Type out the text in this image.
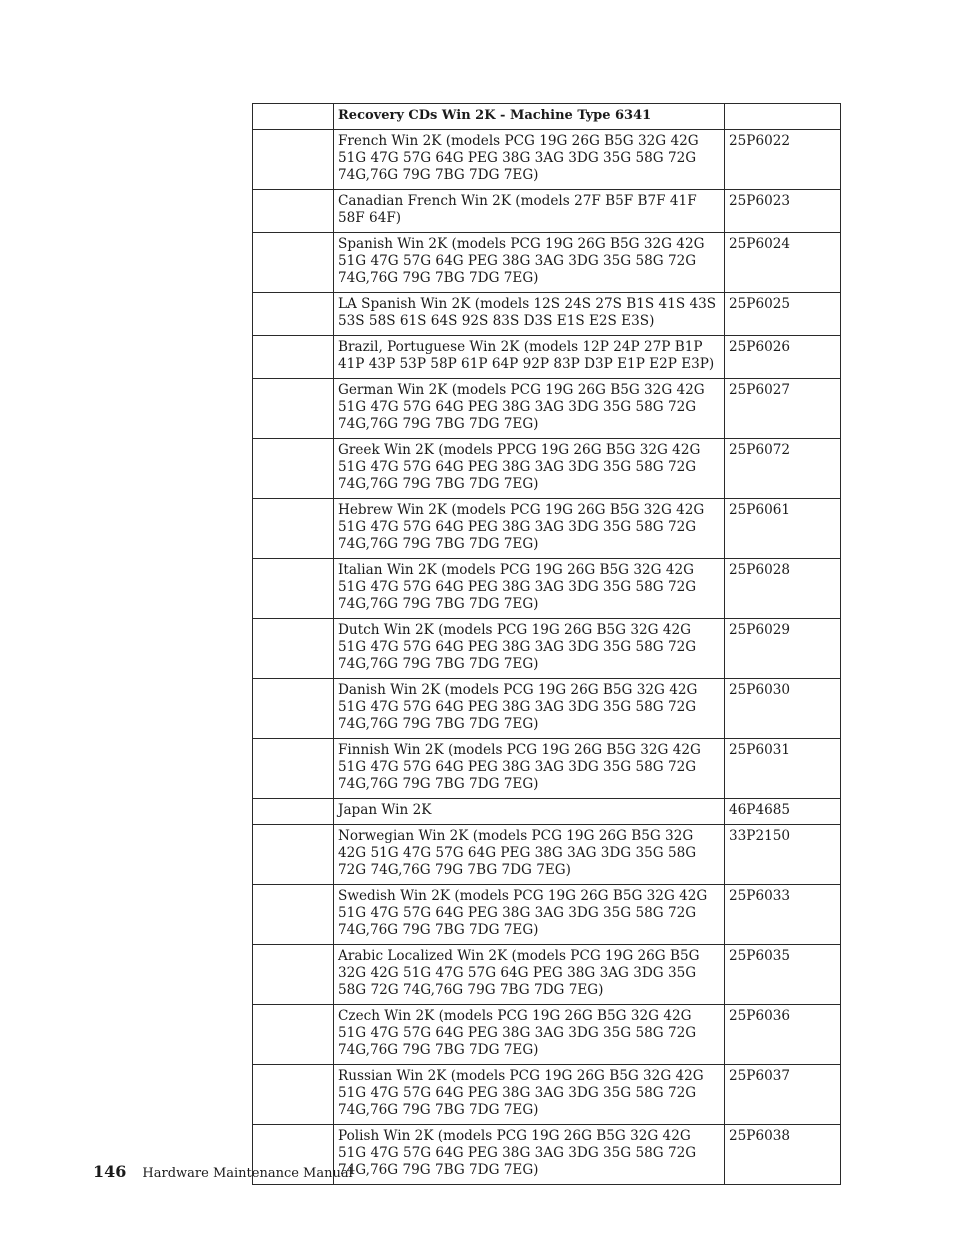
	Recovery CDs Win 2K - Machine Type 6341	
	French Win 2K (models PCG 19G 26G B5G 32G 42G 51G 47G 57G 64G PEG 38G 3AG 3DG 35G 58G 72G 74G,76G 79G 7BG 7DG 7EG)	25P6022
	Canadian French Win 2K (models 27F B5F B7F 41F 58F 64F)	25P6023
	Spanish Win 2K (models PCG 19G 26G B5G 32G 42G 51G 47G 57G 64G PEG 38G 3AG 3DG 35G 58G 72G 74G,76G 79G 7BG 7DG 7EG)	25P6024
	LA Spanish Win 2K (models 12S 24S 27S B1S 41S 43S 53S 58S 61S 64S 92S 83S D3S E1S E2S E3S)	25P6025
	Brazil, Portuguese Win 2K (models 12P 24P 27P B1P 41P 43P 53P 58P 61P 64P 92P 83P D3P E1P E2P E3P)	25P6026
	German Win 2K (models PCG 19G 26G B5G 32G 42G 51G 47G 57G 64G PEG 38G 3AG 3DG 35G 58G 72G 74G,76G 79G 7BG 7DG 7EG)	25P6027
	Greek Win 2K (models PPCG 19G 26G B5G 32G 42G 51G 47G 57G 64G PEG 38G 3AG 3DG 35G 58G 72G 74G,76G 79G 7BG 7DG 7EG)	25P6072
	Hebrew Win 2K (models PCG 19G 26G B5G 32G 42G 51G 47G 57G 64G PEG 38G 3AG 3DG 35G 58G 72G 74G,76G 79G 7BG 7DG 7EG)	25P6061
	Italian Win 2K (models PCG 19G 26G B5G 32G 42G 51G 47G 57G 64G PEG 38G 3AG 3DG 35G 58G 72G 74G,76G 79G 7BG 7DG 7EG)	25P6028
	Dutch Win 2K (models PCG 19G 26G B5G 32G 42G 51G 47G 57G 64G PEG 38G 3AG 3DG 35G 58G 72G 74G,76G 79G 7BG 7DG 7EG)	25P6029
	Danish Win 2K (models PCG 19G 26G B5G 32G 42G 51G 47G 57G 64G PEG 38G 3AG 3DG 35G 58G 72G 74G,76G 79G 7BG 7DG 7EG)	25P6030
	Finnish Win 2K (models PCG 19G 26G B5G 32G 42G 51G 47G 57G 64G PEG 38G 3AG 3DG 35G 58G 72G 74G,76G 79G 7BG 7DG 7EG)	25P6031
	Japan Win 2K	46P4685
	Norwegian Win 2K (models PCG 19G 26G B5G 32G 42G 51G 47G 57G 64G PEG 38G 3AG 3DG 35G 58G 72G 74G,76G 79G 7BG 7DG 7EG)	33P2150
	Swedish Win 2K (models PCG 19G 26G B5G 32G 42G 51G 47G 57G 64G PEG 38G 3AG 3DG 35G 58G 72G 74G,76G 79G 7BG 7DG 7EG)	25P6033
	Arabic Localized Win 2K (models PCG 19G 26G B5G 32G 42G 51G 47G 57G 64G PEG 38G 3AG 3DG 35G 58G 72G 74G,76G 79G 7BG 7DG 7EG)	25P6035
	Czech Win 2K (models PCG 19G 26G B5G 32G 42G 51G 47G 57G 64G PEG 38G 3AG 3DG 35G 58G 72G 74G,76G 79G 7BG 7DG 7EG)	25P6036
	Russian Win 2K (models PCG 19G 26G B5G 32G 42G 51G 47G 57G 64G PEG 38G 3AG 3DG 35G 58G 72G 74G,76G 79G 7BG 7DG 7EG)	25P6037
	Polish Win 2K (models PCG 19G 26G B5G 32G 42G 51G 47G 57G 64G PEG 38G 3AG 3DG 35G 58G 72G 74G,76G 79G 7BG 7DG 7EG)	25P6038
146 Hardware Maintenance Manual
